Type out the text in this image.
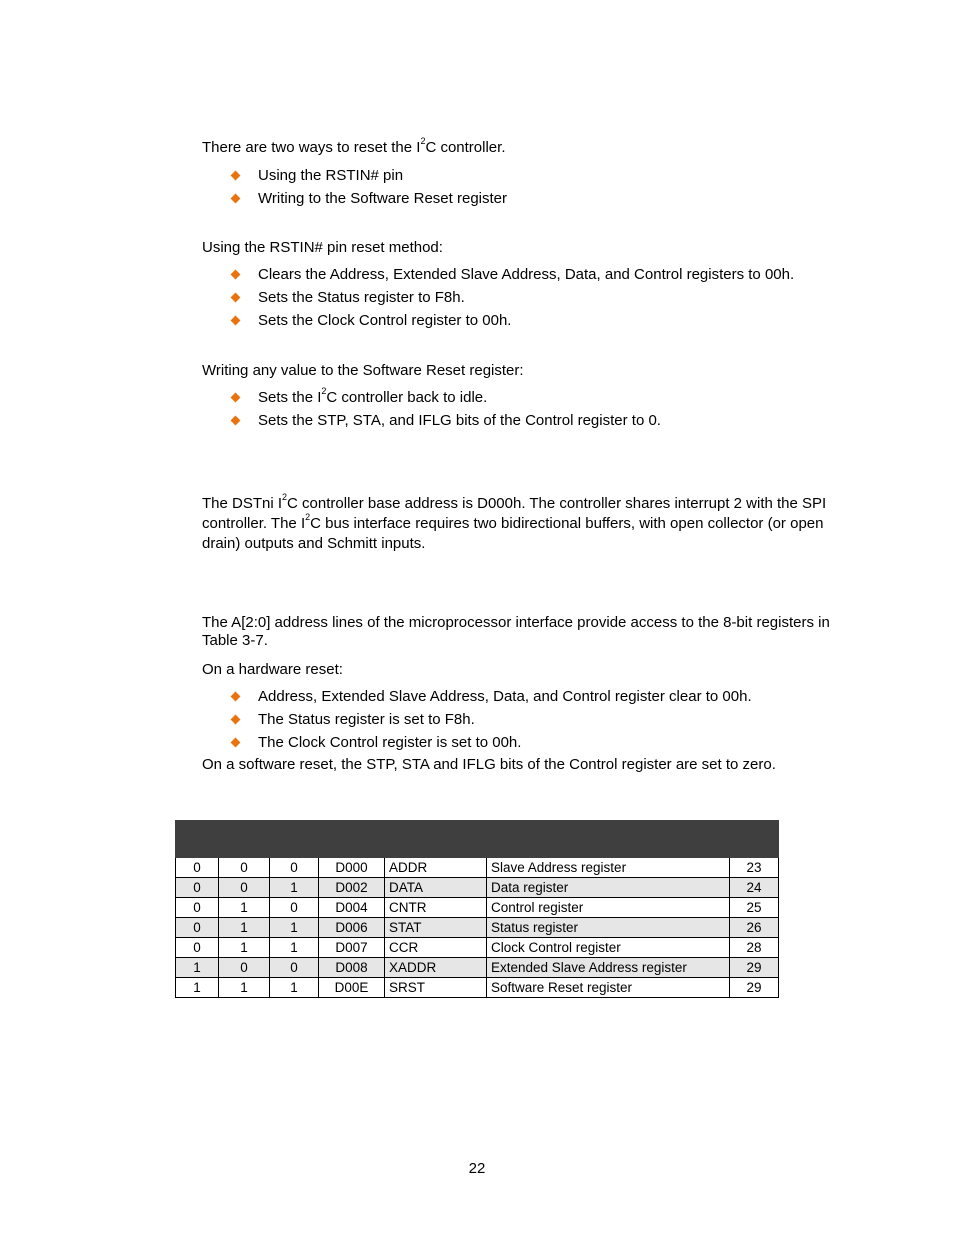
There are two ways to reset the $I^2C$ controller.

Using the RSTIN# pin
Writing to the Software Reset register

Using the RSTIN# pin reset method:

Clears the Address, Extended Slave Address, Data, and Control registers to 00h.
Sets the Status register to F8h.
Sets the Clock Control register to 00h.

Writing any value to the Software Reset register:

Sets the $I^2C$ controller back to idle.
Sets the STP, STA, and IFLG bits of the Control register to 0.

The DSTni $I^2C$ controller base address is D000h. The controller shares interrupt 2 with the SPI controller. The $I^2C$ bus interface requires two bidirectional buffers, with open collector (or open drain) outputs and Schmitt inputs.

The A[2:0] address lines of the microprocessor interface provide access to the 8-bit registers in Table 3-7.

On a hardware reset:

Address, Extended Slave Address, Data, and Control register clear to 00h.
The Status register is set to F8h.
The Clock Control register is set to 00h.

On a software reset, the STP, STA and IFLG bits of the Control register are set to zero.

0	0	0	D000	ADDR	Slave Address register	23
0	0	1	D002	DATA	Data register	24
0	1	0	D004	CNTR	Control register	25
0	1	1	D006	STAT	Status register	26
0	1	1	D007	CCR	Clock Control register	28
1	0	0	D008	XADDR	Extended Slave Address register	29
1	1	1	D00E	SRST	Software Reset register	29
22
